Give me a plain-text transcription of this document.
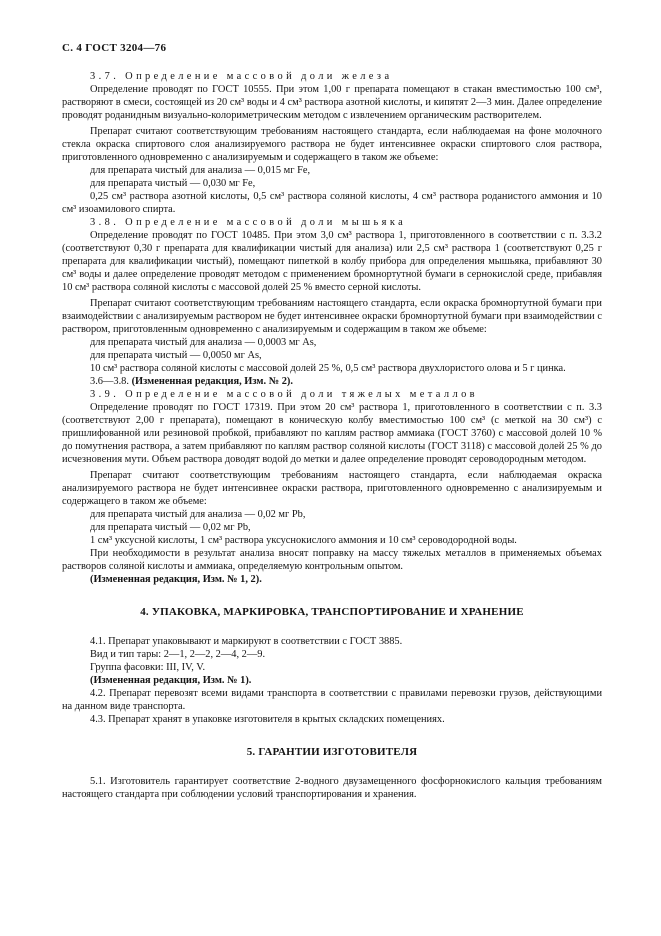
С. 4 ГОСТ 3204—76

3.7. Определение массовой доли железа

Определение проводят по ГОСТ 10555. При этом 1,00 г препарата помещают в стакан вместимостью 100 см³, растворяют в смеси, состоящей из 20 см³ воды и 4 см³ раствора азотной кислоты, и кипятят 2—3 мин. Далее определение проводят роданидным визуально-колориметрическим методом с извлечением органическим растворителем.

Препарат считают соответствующим требованиям настоящего стандарта, если наблюдаемая на фоне молочного стекла окраска спиртового слоя анализируемого раствора не будет интенсивнее окраски спиртового слоя раствора, приготовленного одновременно с анализируемым и содержащего в таком же объеме:

для препарата чистый для анализа — 0,015 мг Fe,

для препарата чистый — 0,030 мг Fe,

0,25 см³ раствора азотной кислоты, 0,5 см³ раствора соляной кислоты, 4 см³ раствора роданистого аммония и 10 см³ изоамилового спирта.

3.8. Определение массовой доли мышьяка

Определение проводят по ГОСТ 10485. При этом 3,0 см³ раствора 1, приготовленного в соответствии с п. 3.3.2 (соответствуют 0,30 г препарата для квалификации чистый для анализа) или 2,5 см³ раствора 1 (соответствуют 0,25 г препарата для квалификации чистый), помещают пипеткой в колбу прибора для определения мышьяка, прибавляют 30 см³ воды и далее определение проводят методом с применением бромнортутной бумаги в сернокислой среде, прибавляя 10 см³ раствора соляной кислоты с массовой долей 25 % вместо серной кислоты.

Препарат считают соответствующим требованиям настоящего стандарта, если окраска бромнортутной бумаги при взаимодействии с анализируемым раствором не будет интенсивнее окраски бромнортутной бумаги при взаимодействии с раствором, приготовленным одновременно с анализируемым и содержащим в таком же объеме:

для препарата чистый для анализа — 0,0003 мг As,

для препарата чистый — 0,0050 мг As,

10 см³ раствора соляной кислоты с массовой долей 25 %, 0,5 см³ раствора двухлористого олова и 5 г цинка.

3.6—3.8. (Измененная редакция, Изм. № 2).

3.9. Определение массовой доли тяжелых металлов

Определение проводят по ГОСТ 17319. При этом 20 см³ раствора 1, приготовленного в соответствии с п. 3.3 (соответствуют 2,00 г препарата), помещают в коническую колбу вместимостью 100 см³ (с меткой на 30 см³) с пришлифованной или резиновой пробкой, прибавляют по каплям раствор аммиака (ГОСТ 3760) с массовой долей 10 % до помутнения раствора, а затем прибавляют по каплям раствор соляной кислоты (ГОСТ 3118) с массовой долей 25 % до исчезновения мути. Объем раствора доводят водой до метки и далее определение проводят сероводородным методом.

Препарат считают соответствующим требованиям настоящего стандарта, если наблюдаемая окраска анализируемого раствора не будет интенсивнее окраски раствора, приготовленного одновременно с анализируемым и содержащего в таком же объеме:

для препарата чистый для анализа — 0,02 мг Pb,

для препарата чистый — 0,02 мг Pb,

1 см³ уксусной кислоты, 1 см³ раствора уксуснокислого аммония и 10 см³ сероводородной воды.

При необходимости в результат анализа вносят поправку на массу тяжелых металлов в применяемых объемах растворов соляной кислоты и аммиака, определяемую контрольным опытом.

(Измененная редакция, Изм. № 1, 2).

4. УПАКОВКА, МАРКИРОВКА, ТРАНСПОРТИРОВАНИЕ И ХРАНЕНИЕ

4.1. Препарат упаковывают и маркируют в соответствии с ГОСТ 3885.

Вид и тип тары: 2—1, 2—2, 2—4, 2—9.

Группа фасовки: III, IV, V.

(Измененная редакция, Изм. № 1).

4.2. Препарат перевозят всеми видами транспорта в соответствии с правилами перевозки грузов, действующими на данном виде транспорта.

4.3. Препарат хранят в упаковке изготовителя в крытых складских помещениях.

5. ГАРАНТИИ ИЗГОТОВИТЕЛЯ

5.1. Изготовитель гарантирует соответствие 2-водного двузамещенного фосфорнокислого кальция требованиям настоящего стандарта при соблюдении условий транспортирования и хранения.
